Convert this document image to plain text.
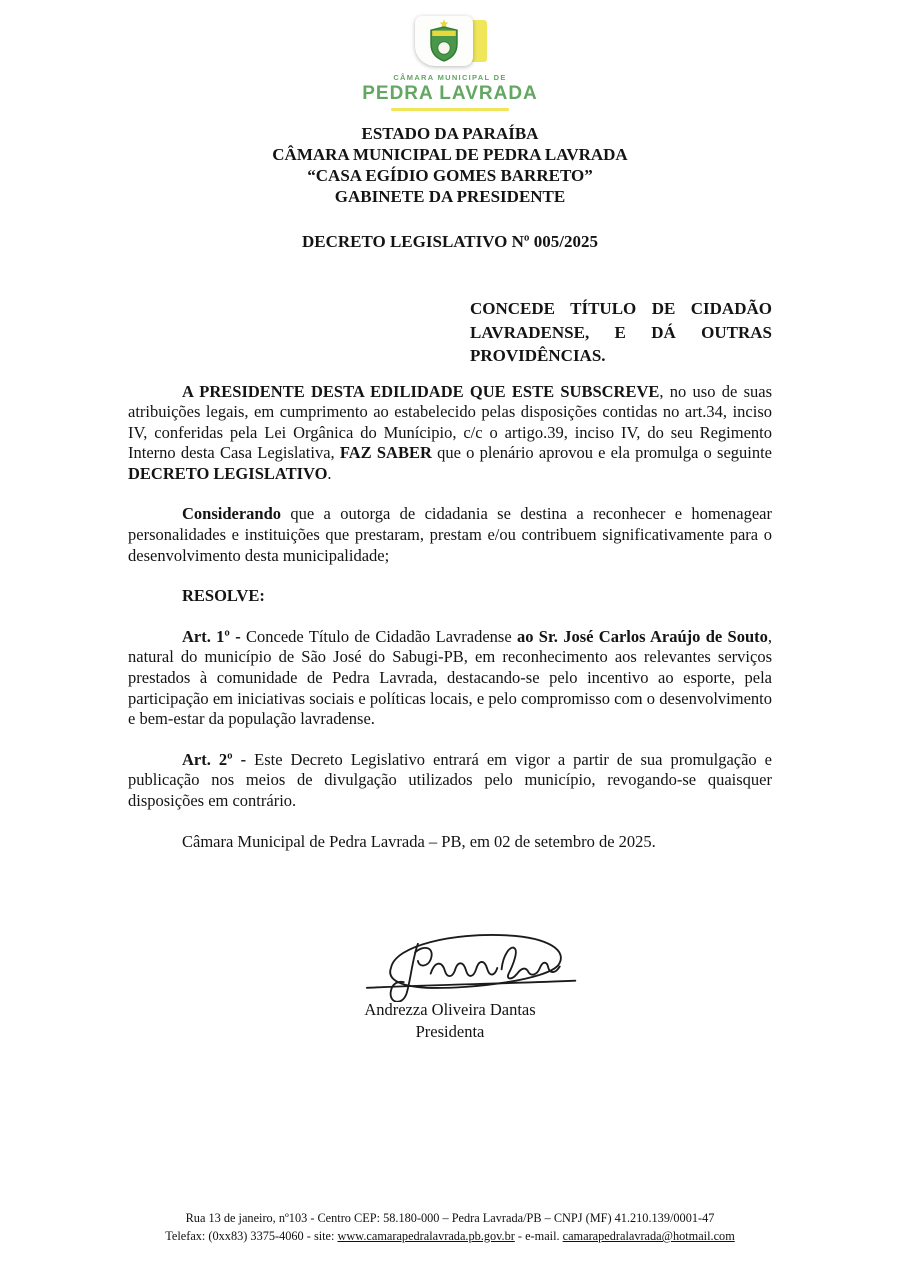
CÂMARA MUNICIPAL DE
PEDRA LAVRADA
ESTADO DA PARAÍBA
CÂMARA MUNICIPAL DE PEDRA LAVRADA
“CASA EGÍDIO GOMES BARRETO”
GABINETE DA PRESIDENTE
DECRETO LEGISLATIVO Nº 005/2025
CONCEDE TÍTULO DE CIDADÃO LAVRADENSE, E DÁ OUTRAS PROVIDÊNCIAS.

A PRESIDENTE DESTA EDILIDADE QUE ESTE SUBSCREVE, no uso de suas atribuições legais, em cumprimento ao estabelecido pelas disposições contidas no art.34, inciso IV, conferidas pela Lei Orgânica do Munícipio, c/c o artigo.39, inciso IV, do seu Regimento Interno desta Casa Legislativa, FAZ SABER que o plenário aprovou e ela promulga o seguinte DECRETO LEGISLATIVO.

Considerando que a outorga de cidadania se destina a reconhecer e homenagear personalidades e instituições que prestaram, prestam e/ou contribuem significativamente para o desenvolvimento desta municipalidade;

RESOLVE:

Art. 1º - Concede Título de Cidadão Lavradense ao Sr. José Carlos Araújo de Souto, natural do município de São José do Sabugi-PB, em reconhecimento aos relevantes serviços prestados à comunidade de Pedra Lavrada, destacando-se pelo incentivo ao esporte, pela participação em iniciativas sociais e políticas locais, e pelo compromisso com o desenvolvimento e bem-estar da população lavradense.

Art. 2º - Este Decreto Legislativo entrará em vigor a partir de sua promulgação e publicação nos meios de divulgação utilizados pelo município, revogando-se quaisquer disposições em contrário.

Câmara Municipal de Pedra Lavrada – PB, em 02 de setembro de 2025.

Andrezza Oliveira Dantas
Presidenta
Rua 13 de janeiro, nº103 - Centro CEP: 58.180-000 – Pedra Lavrada/PB – CNPJ (MF) 41.210.139/0001-47
Telefax: (0xx83) 3375-4060 - site: www.camarapedralavrada.pb.gov.br - e-mail. camarapedralavrada@hotmail.com
